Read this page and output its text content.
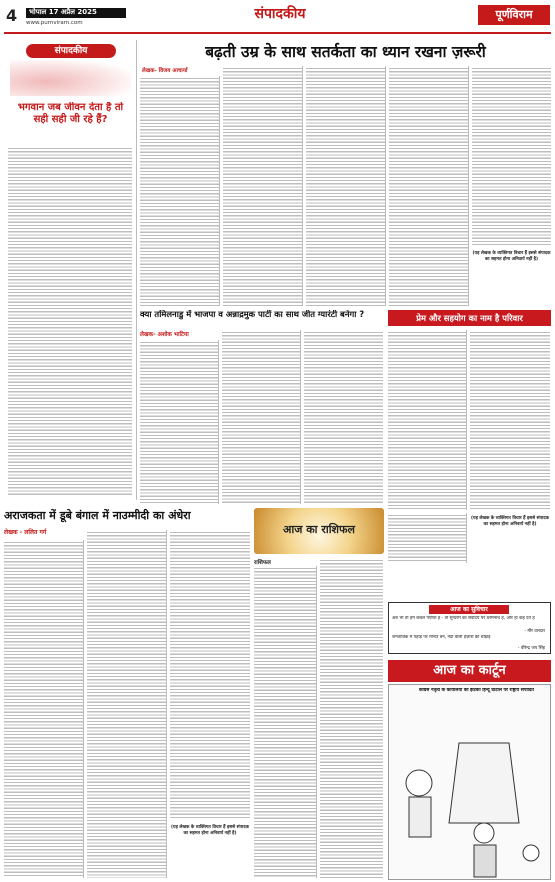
4	भोपाल 17 अप्रैल 2025
www.purnviram.com
संपादकीय	पूर्णविराम
संपादकीय
भगवान जब जीवन देता है तो सही सही जी रहे हैं?
बढ़ती उम्र के साथ सतर्कता का ध्यान रखना ज़रूरी
लेखक- विजय आचार्या
(यह लेखक के व्यक्तिगत विचार हैं इससे संपादक का सहमत होना अनिवार्य नहीं है)
क्या तमिलनाडु में भाजपा व अन्नाद्रमुक पार्टी का साथ जीत ग्यारंटी बनेगा ?
लेखक- अशोक भाटिया
प्रेम और सहयोग का नाम है परिवार
(यह लेखक के व्यक्तिगत विचार हैं इससे संपादक का सहमत होना अनिवार्य नहीं है)
आज का सुविचार
अब भी तो हम केवल पर्याप्त हैं - तो सुन्दरम का सर्वोदय पर धरमनाथ है, और हाँ कह देते हैं
- मीर वलदार
जनतांत्रिक में पहाड़ पर मन्दिर बने, नदी वाली हज़ारों की चौड़ाई
- वीरेन्द्र जय सिंह
अराजकता में डूबे बंगाल में नाउम्मीदी का अंधेरा
लेखक - ललित गर्ग
(यह लेखक के व्यक्तिगत विचार हैं इससे संपादक का सहमत होना अनिवार्य नहीं है)
आज का राशिफल
राशिफल
आज का कार्टून
कांग्रेस नेतृत्व के कार्यालयों को झटका हिन्दू घोटाले पर राष्ट्रीय संपादित
